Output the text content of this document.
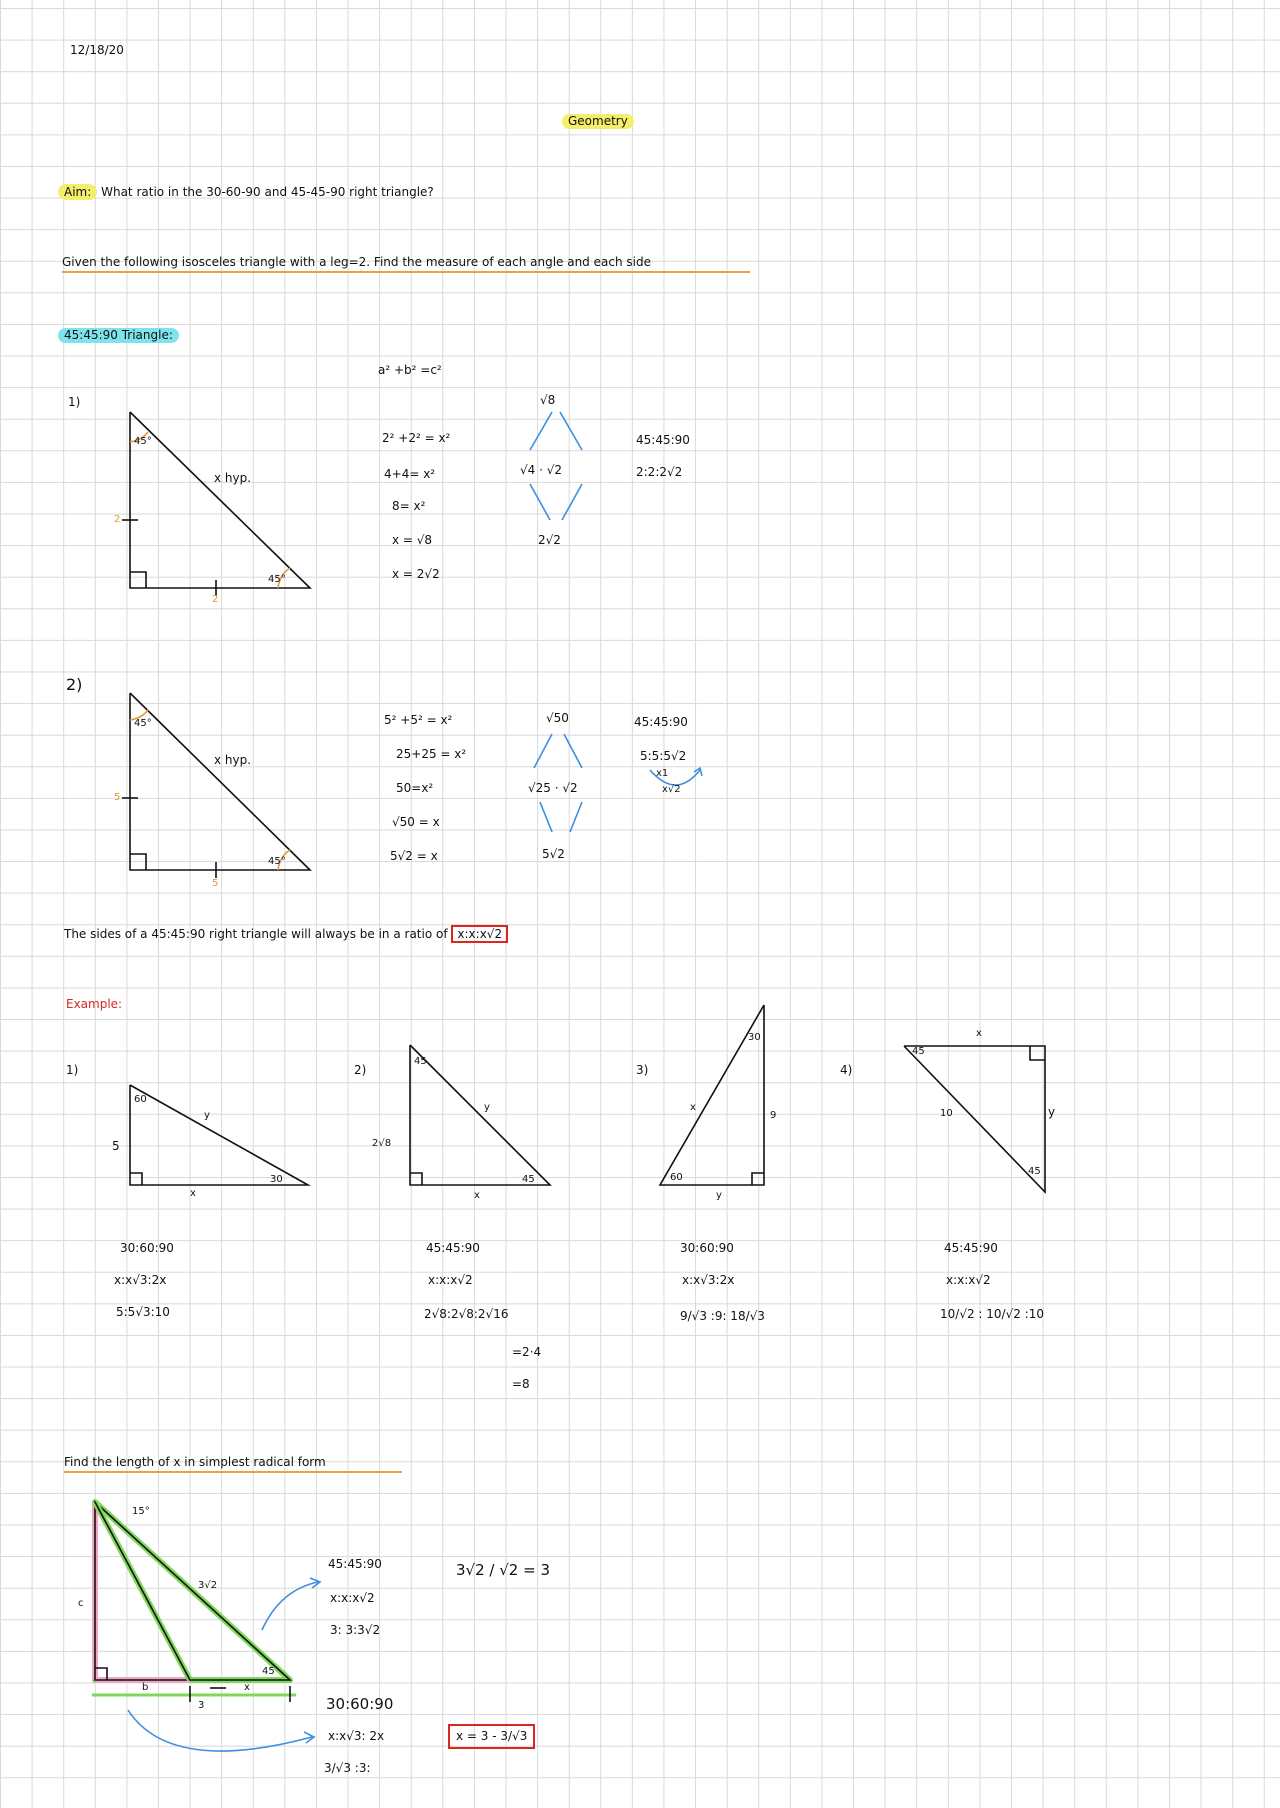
12/18/20
Geometry
Aim: What ratio in the 30-60-90 and 45-45-90 right triangle?
Given the following isosceles triangle with a leg=2. Find the measure of each angle and each side
45:45:90 Triangle:
a² +b² =c²
1)
45°
x hyp.
2
45°
2
2² +2² = x²
4+4= x²
8= x²
x = √8
x = 2√2
√8
√4 · √2
2√2
45:45:90
2:2:2√2
2)
45°
x hyp.
5
45°
5
5² +5² = x²
25+25 = x²
50=x²
√50 = x
5√2 = x
√50
√25 · √2
5√2
45:45:90
5:5:5√2
x1
x√2
The sides of a 45:45:90 right triangle will always be in a ratio of x:x:x√2
Example:
1)
60
y
5
30
x
30:60:90
x:x√3:2x
5:5√3:10
2)
45
y
2√8
45
x
45:45:90
x:x:x√2
2√8:2√8:2√16
=2·4
=8
3)
30
x
9
60
y
30:60:90
x:x√3:2x
9/√3 :9: 18/√3
4)
45
x
10	y
45
45:45:90
x:x:x√2
10/√2 : 10/√2 :10
Find the length of x in simplest radical form
15°
3√2
c
45
b
3
x
45:45:90
x:x:x√2
3: 3:3√2
3√2 / √2 = 3
30:60:90
x:x√3: 2x
3/√3 :3:
x = 3 - 3/√3
